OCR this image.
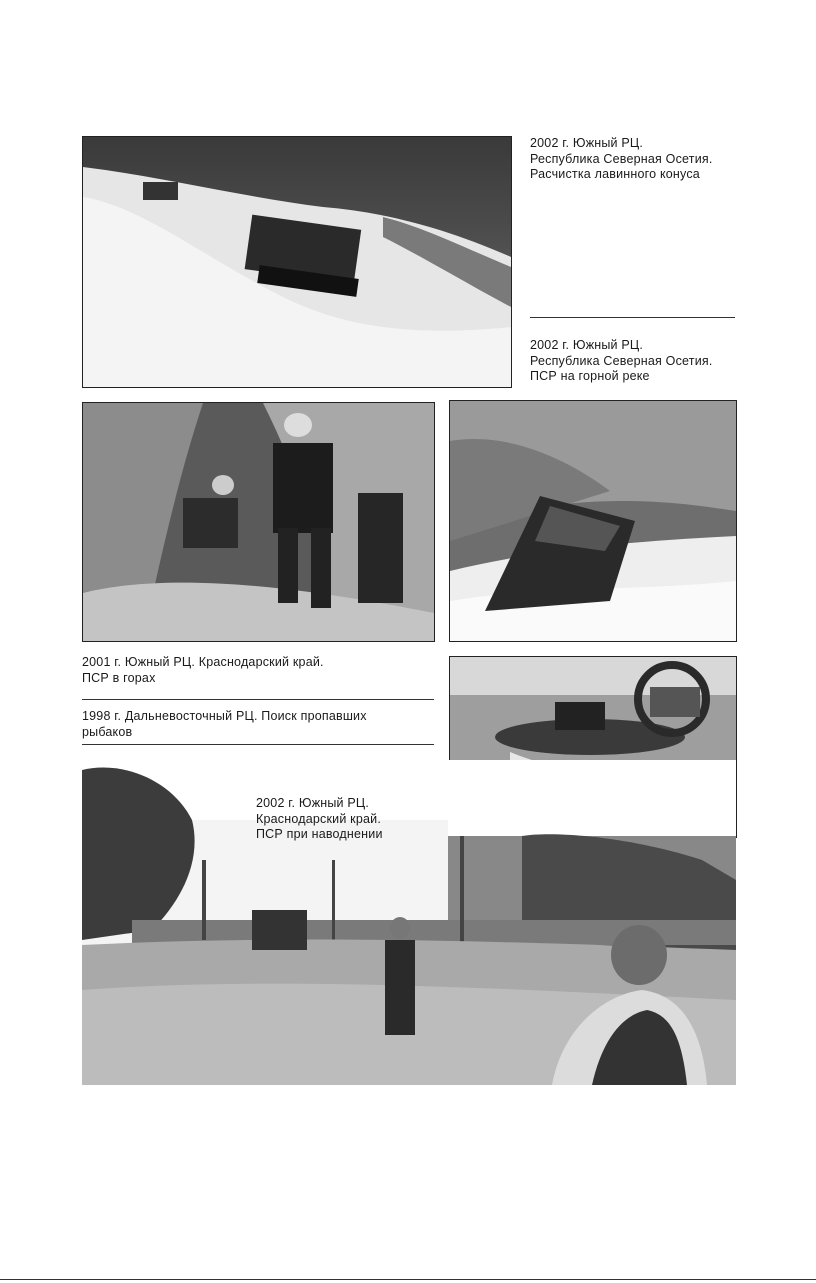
2002 г. Южный РЦ.
Республика Северная Осетия.
Расчистка лавинного конуса
2002 г. Южный РЦ.
Республика Северная Осетия.
ПСР на горной реке
2001 г. Южный РЦ. Краснодарский край.
ПСР в горах
1998 г. Дальневосточный РЦ. Поиск пропавших
рыбаков
2002 г. Южный РЦ.
Краснодарский край.
ПСР при наводнении
